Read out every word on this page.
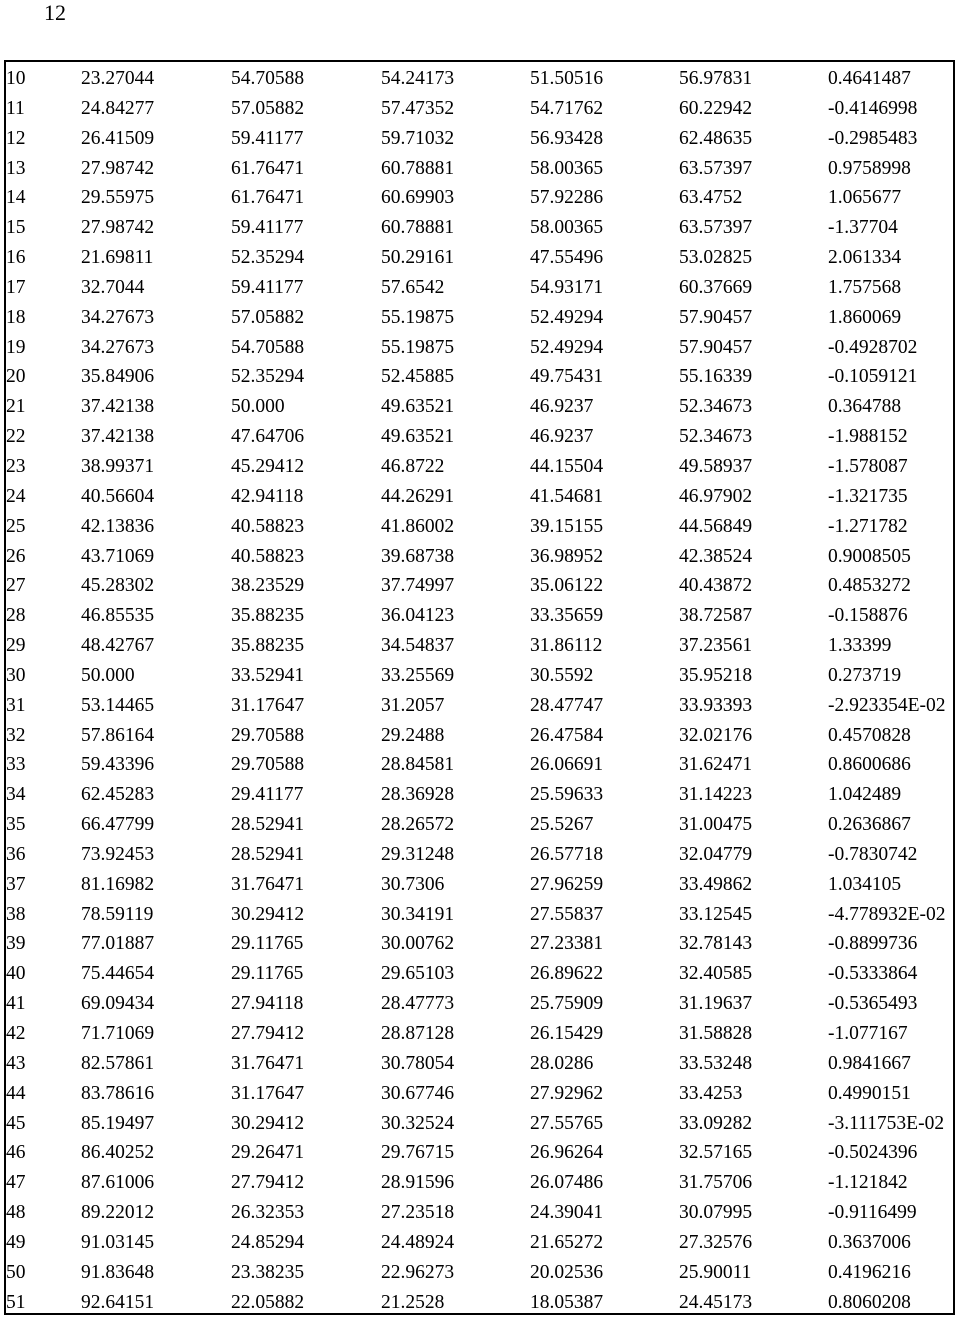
12
10	23.27044	54.70588	54.24173	51.50516	56.97831	0.4641487
11	24.84277	57.05882	57.47352	54.71762	60.22942	-0.4146998
12	26.41509	59.41177	59.71032	56.93428	62.48635	-0.2985483
13	27.98742	61.76471	60.78881	58.00365	63.57397	0.9758998
14	29.55975	61.76471	60.69903	57.92286	63.4752	1.065677
15	27.98742	59.41177	60.78881	58.00365	63.57397	-1.37704
16	21.69811	52.35294	50.29161	47.55496	53.02825	2.061334
17	32.7044	59.41177	57.6542	54.93171	60.37669	1.757568
18	34.27673	57.05882	55.19875	52.49294	57.90457	1.860069
19	34.27673	54.70588	55.19875	52.49294	57.90457	-0.4928702
20	35.84906	52.35294	52.45885	49.75431	55.16339	-0.1059121
21	37.42138	50.000	49.63521	46.9237	52.34673	0.364788
22	37.42138	47.64706	49.63521	46.9237	52.34673	-1.988152
23	38.99371	45.29412	46.8722	44.15504	49.58937	-1.578087
24	40.56604	42.94118	44.26291	41.54681	46.97902	-1.321735
25	42.13836	40.58823	41.86002	39.15155	44.56849	-1.271782
26	43.71069	40.58823	39.68738	36.98952	42.38524	0.9008505
27	45.28302	38.23529	37.74997	35.06122	40.43872	0.4853272
28	46.85535	35.88235	36.04123	33.35659	38.72587	-0.158876
29	48.42767	35.88235	34.54837	31.86112	37.23561	1.33399
30	50.000	33.52941	33.25569	30.5592	35.95218	0.273719
31	53.14465	31.17647	31.2057	28.47747	33.93393	-2.923354E-02
32	57.86164	29.70588	29.2488	26.47584	32.02176	0.4570828
33	59.43396	29.70588	28.84581	26.06691	31.62471	0.8600686
34	62.45283	29.41177	28.36928	25.59633	31.14223	1.042489
35	66.47799	28.52941	28.26572	25.5267	31.00475	0.2636867
36	73.92453	28.52941	29.31248	26.57718	32.04779	-0.7830742
37	81.16982	31.76471	30.7306	27.96259	33.49862	1.034105
38	78.59119	30.29412	30.34191	27.55837	33.12545	-4.778932E-02
39	77.01887	29.11765	30.00762	27.23381	32.78143	-0.8899736
40	75.44654	29.11765	29.65103	26.89622	32.40585	-0.5333864
41	69.09434	27.94118	28.47773	25.75909	31.19637	-0.5365493
42	71.71069	27.79412	28.87128	26.15429	31.58828	-1.077167
43	82.57861	31.76471	30.78054	28.0286	33.53248	0.9841667
44	83.78616	31.17647	30.67746	27.92962	33.4253	0.4990151
45	85.19497	30.29412	30.32524	27.55765	33.09282	-3.111753E-02
46	86.40252	29.26471	29.76715	26.96264	32.57165	-0.5024396
47	87.61006	27.79412	28.91596	26.07486	31.75706	-1.121842
48	89.22012	26.32353	27.23518	24.39041	30.07995	-0.9116499
49	91.03145	24.85294	24.48924	21.65272	27.32576	0.3637006
50	91.83648	23.38235	22.96273	20.02536	25.90011	0.4196216
51	92.64151	22.05882	21.2528	18.05387	24.45173	0.8060208
